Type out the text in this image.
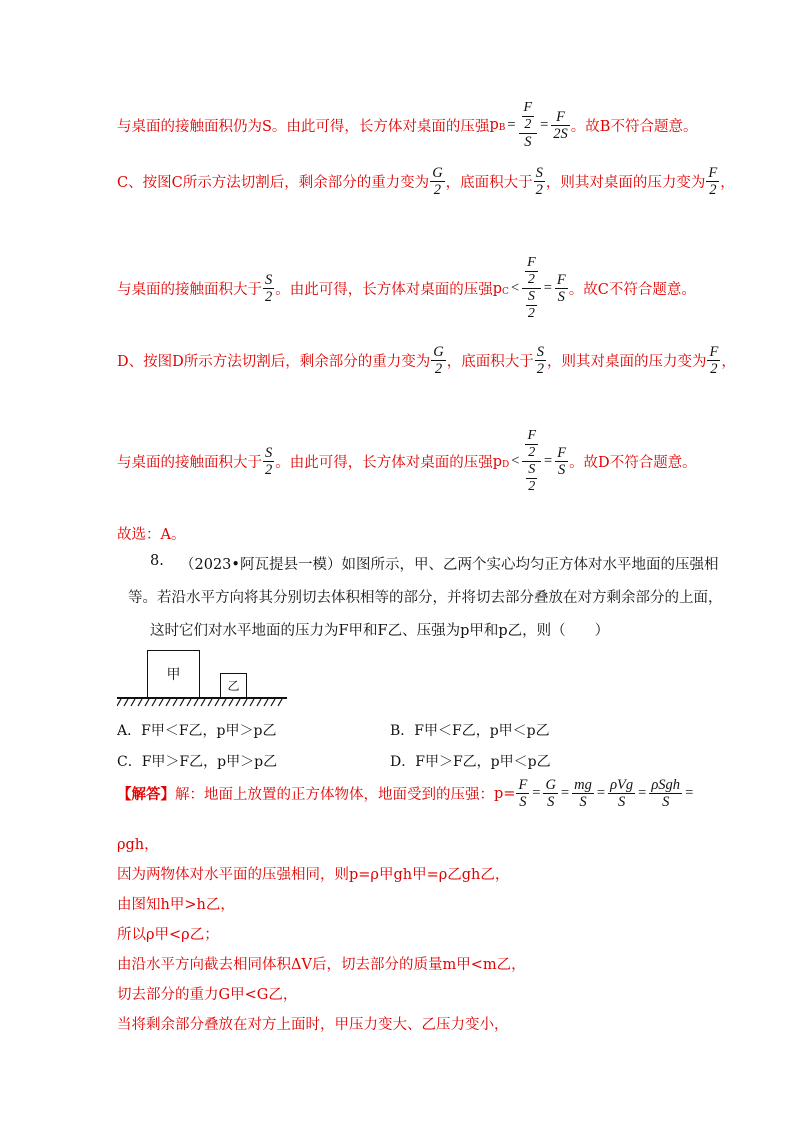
与桌面的接触面积仍为S。由此可得，长方体对桌面的压强 p $B = \frac{\frac{F}{2}}{S} = \frac{F}{2S}$ 。故B不符合题意。
C、按图C所示方法切割后，剩余部分的重力变为 $\frac{G}{2}$ ，底面积大于 $\frac{S}{2}$ ，则其对桌面的压力变为 $\frac{F}{2}$ ，
与桌面的接触面积大于 $\frac{S}{2}$ 。由此可得，长方体对桌面的压强 p $C < \frac{\frac{F}{2}}{\frac{S}{2}} = \frac{F}{S}$ 。故C不符合题意。
D、按图D所示方法切割后，剩余部分的重力变为 $\frac{G}{2}$ ，底面积大于 $\frac{S}{2}$ ，则其对桌面的压力变为 $\frac{F}{2}$ ，
与桌面的接触面积大于 $\frac{S}{2}$ 。由此可得，长方体对桌面的压强 p $D < \frac{\frac{F}{2}}{\frac{S}{2}} = \frac{F}{S}$ 。故D不符合题意。
故选：A。
8. （2023•阿瓦提县一模）如图所示，甲、乙两个实心均匀正方体对水平地面的压强相
等。若沿水平方向将其分别切去体积相等的部分，并将切去部分叠放在对方剩余部分的上面，
这时它们对水平地面的压力为F甲和F乙、压强为p甲和p乙，则（　　）
甲
乙
A．F甲＜F乙，p甲＞p乙	B．F甲＜F乙，p甲＜p乙
C．F甲＞F乙，p甲＞p乙	D．F甲＞F乙，p甲＜p乙
【解答】 解：地面上放置的正方体物体，地面受到的压强： $p= \frac{F}{S} = \frac{G}{S} = \frac{mg}{S} = \frac{\text{ρVg}}{S} = \frac{\text{ρSgh}}{S}$ =
ρgh，
因为两物体对水平面的压强相同，则p=ρ甲gh甲=ρ乙gh乙，
由图知h甲>h乙，
所以ρ甲<ρ乙；
由沿水平方向截去相同体积ΔV后，切去部分的质量m甲<m乙，
切去部分的重力G甲<G乙，
当将剩余部分叠放在对方上面时，甲压力变大、乙压力变小，
